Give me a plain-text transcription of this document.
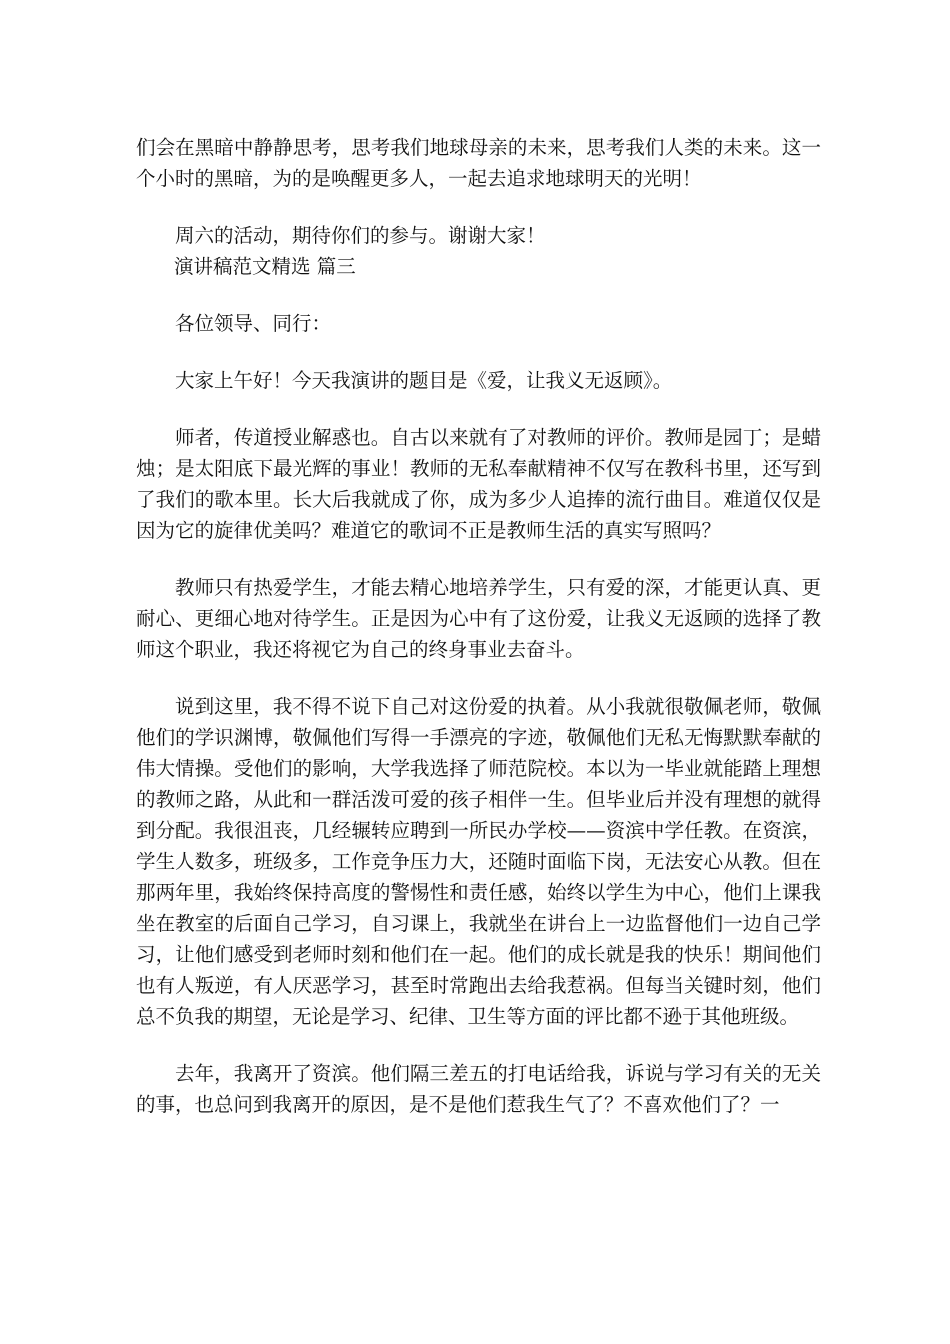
们会在黑暗中静静思考，思考我们地球母亲的未来，思考我们人类的未来。这一个小时的黑暗，为的是唤醒更多人，一起去追求地球明天的光明！

周六的活动，期待你们的参与。谢谢大家！

演讲稿范文精选 篇三

各位领导、同行：

大家上午好！今天我演讲的题目是《爱，让我义无返顾》。

师者，传道授业解惑也。自古以来就有了对教师的评价。教师是园丁；是蜡烛；是太阳底下最光辉的事业！教师的无私奉献精神不仅写在教科书里，还写到了我们的歌本里。长大后我就成了你，成为多少人追捧的流行曲目。难道仅仅是因为它的旋律优美吗？难道它的歌词不正是教师生活的真实写照吗？

教师只有热爱学生，才能去精心地培养学生，只有爱的深，才能更认真、更耐心、更细心地对待学生。正是因为心中有了这份爱，让我义无返顾的选择了教师这个职业，我还将视它为自己的终身事业去奋斗。

说到这里，我不得不说下自己对这份爱的执着。从小我就很敬佩老师，敬佩他们的学识渊博，敬佩他们写得一手漂亮的字迹，敬佩他们无私无悔默默奉献的伟大情操。受他们的影响，大学我选择了师范院校。本以为一毕业就能踏上理想的教师之路，从此和一群活泼可爱的孩子相伴一生。但毕业后并没有理想的就得到分配。我很沮丧，几经辗转应聘到一所民办学校——资滨中学任教。在资滨，学生人数多，班级多，工作竞争压力大，还随时面临下岗，无法安心从教。但在那两年里，我始终保持高度的警惕性和责任感，始终以学生为中心，他们上课我坐在教室的后面自己学习，自习课上，我就坐在讲台上一边监督他们一边自己学习，让他们感受到老师时刻和他们在一起。他们的成长就是我的快乐！期间他们也有人叛逆，有人厌恶学习，甚至时常跑出去给我惹祸。但每当关键时刻，他们总不负我的期望，无论是学习、纪律、卫生等方面的评比都不逊于其他班级。

去年，我离开了资滨。他们隔三差五的打电话给我，诉说与学习有关的无关的事，也总问到我离开的原因，是不是他们惹我生气了？不喜欢他们了？一
